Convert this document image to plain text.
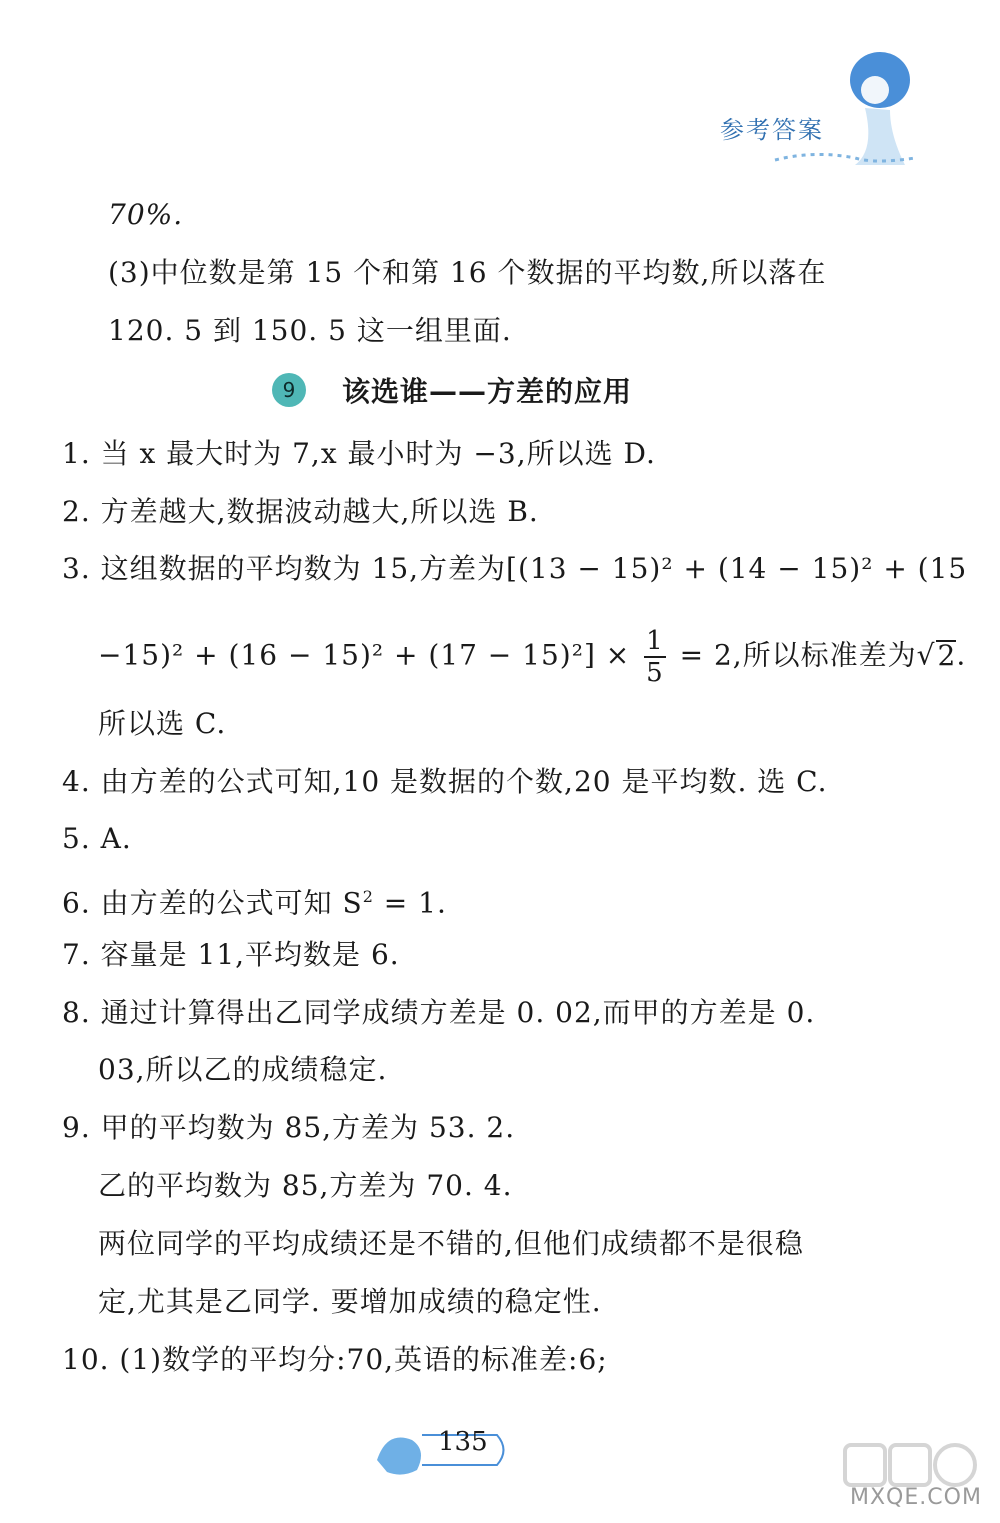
参考答案
70%.
(3)中位数是第 15 个和第 16 个数据的平均数,所以落在
120. 5 到 150. 5 这一组里面.
9	该选谁——方差的应用
1. 当 x 最大时为 7,x 最小时为 −3,所以选 D.
2. 方差越大,数据波动越大,所以选 B.
3. 这组数据的平均数为 15,方差为[(13 − 15)² + (14 − 15)² + (15
$-15)^2 + (16 - 15)^2 + (17 - 15)^2] \times \frac{1}{5} = 2$,所以标准差为√2.
所以选 C.
4. 由方差的公式可知,10 是数据的个数,20 是平均数. 选 C.
5. A.
6. 由方差的公式可知 $S^2 = 1$.
7. 容量是 11,平均数是 6.
8. 通过计算得出乙同学成绩方差是 0. 02,而甲的方差是 0.
03,所以乙的成绩稳定.
9. 甲的平均数为 85,方差为 53. 2.
乙的平均数为 85,方差为 70. 4.
两位同学的平均成绩还是不错的,但他们成绩都不是很稳
定,尤其是乙同学. 要增加成绩的稳定性.
10. (1)数学的平均分:70,英语的标准差:6;
135
MXQE.COM
